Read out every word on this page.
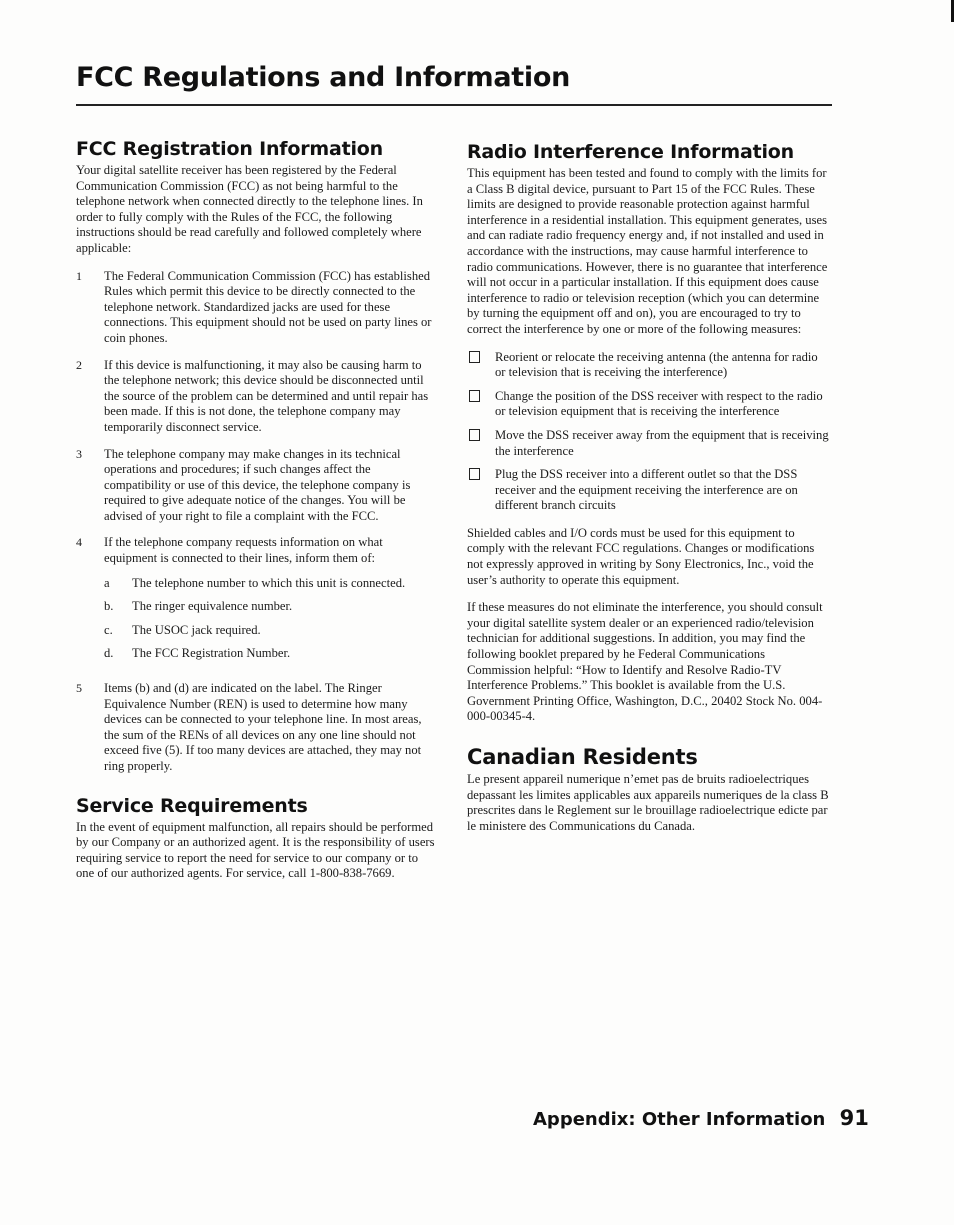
FCC Regulations and Information
FCC Registration Information

Your digital satellite receiver has been registered by the Federal Communication Commission (FCC) as not being harmful to the telephone network when connected directly to the telephone lines. In order to fully comply with the Rules of the FCC, the following instructions should be read carefully and followed completely where applicable:

1	The Federal Communication Commission (FCC) has established Rules which permit this device to be directly connected to the telephone network. Standardized jacks are used for these connections. This equipment should not be used on party lines or coin phones.
2	If this device is malfunctioning, it may also be causing harm to the telephone network; this device should be disconnected until the source of the problem can be determined and until repair has been made. If this is not done, the telephone company may temporarily disconnect service.
3	The telephone company may make changes in its technical operations and procedures; if such changes affect the compatibility or use of this device, the telephone company is required to give adequate notice of the changes. You will be advised of your right to file a complaint with the FCC.
4	If the telephone company requests information on what equipment is connected to their lines, inform them of:
a	The telephone number to which this unit is connected.
b.	The ringer equivalence number.
c.	The USOC jack required.
d.	The FCC Registration Number.
5	Items (b) and (d) are indicated on the label. The Ringer Equivalence Number (REN) is used to determine how many devices can be connected to your telephone line. In most areas, the sum of the RENs of all devices on any one line should not exceed five (5). If too many devices are attached, they may not ring properly.
Service Requirements

In the event of equipment malfunction, all repairs should be performed by our Company or an authorized agent. It is the responsibility of users requiring service to report the need for service to our company or to one of our authorized agents. For service, call 1-800-838-7669.

Radio Interference Information

This equipment has been tested and found to comply with the limits for a Class B digital device, pursuant to Part 15 of the FCC Rules. These limits are designed to provide reasonable protection against harmful interference in a residential installation. This equipment generates, uses and can radiate radio frequency energy and, if not installed and used in accordance with the instructions, may cause harmful interference to radio communications. However, there is no guarantee that interference will not occur in a particular installation. If this equipment does cause interference to radio or television reception (which you can determine by turning the equipment off and on), you are encouraged to try to correct the interference by one or more of the following measures:

Reorient or relocate the receiving antenna (the antenna for radio or television that is receiving the interference)
Change the position of the DSS receiver with respect to the radio or television equipment that is receiving the interference
Move the DSS receiver away from the equipment that is receiving the interference
Plug the DSS receiver into a different outlet so that the DSS receiver and the equipment receiving the interference are on different branch circuits

Shielded cables and I/O cords must be used for this equipment to comply with the relevant FCC regulations. Changes or modifications not expressly approved in writing by Sony Electronics, Inc., void the user’s authority to operate this equipment.

If these measures do not eliminate the interference, you should consult your digital satellite system dealer or an experienced radio/television technician for additional suggestions. In addition, you may find the following booklet prepared by he Federal Communications Commission helpful: “How to Identify and Resolve Radio-TV Interference Problems.” This booklet is available from the U.S. Government Printing Office, Washington, D.C., 20402 Stock No. 004-000-00345-4.

Canadian Residents

Le present appareil numerique n’emet pas de bruits radioelectriques depassant les limites applicables aux appareils numeriques de la class B prescrites dans le Reglement sur le brouillage radioelectrique edicte par le ministere des Communications du Canada.

Appendix: Other Information 91
